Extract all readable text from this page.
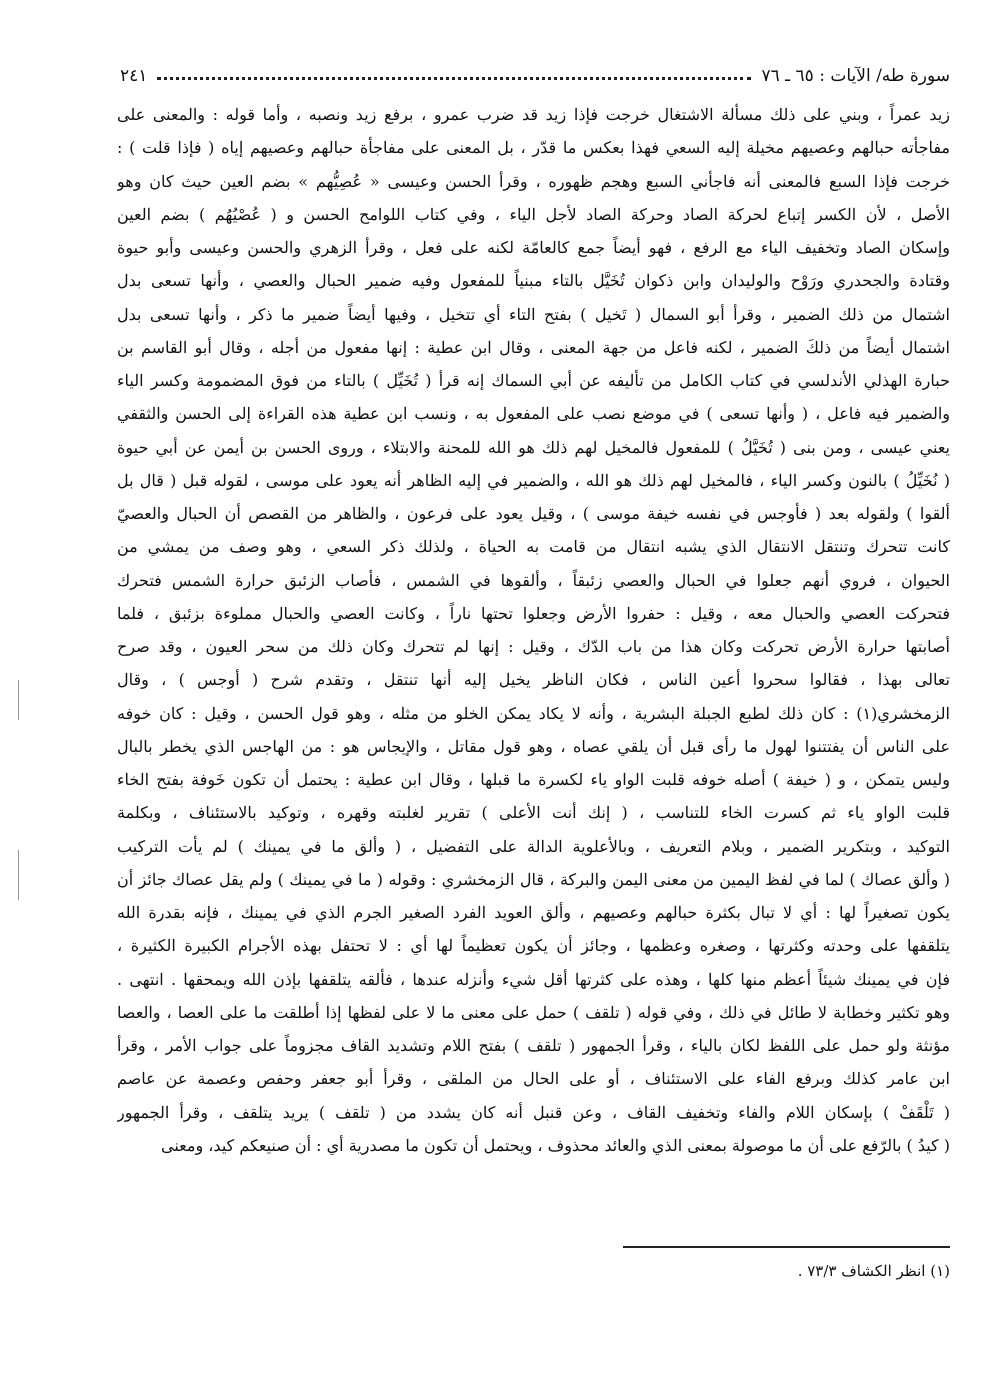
سورة طه/ الآيات : ٦٥ ـ ٧٦
٢٤١
زيد عمراً ، وبني على ذلك مسألة الاشتغال خرجت فإذا زيد قد ضرب عمرو ، برفع زيد ونصبه ، وأما قوله : والمعنى على
مفاجأته حبالهم وعصيهم مخيلة إليه السعي فهذا بعكس ما قدّر ، بل المعنى على مفاجأة حبالهم وعصيهم إياه ( فإذا قلت ) :
خرجت فإذا السبع فالمعنى أنه فاجأني السبع وهجم ظهوره ، وقرأ الحسن وعيسى « عُصِيُّهم » بضم العين حيث كان وهو
الأصل ، لأن الكسر إتباع لحركة الصاد وحركة الصاد لأجل الياء ، وفي كتاب اللوامح الحسن و ( عُصْيُهُم ) بضم العين
وإسكان الصاد وتخفيف الياء مع الرفع ، فهو أيضاً جمع كالعامّة لكنه على فعل ، وقرأ الزهري والحسن وعيسى وأبو حيوة
وقتادة والجحدري ورَوْح والوليدان وابن ذكوان تُخَيَّل بالتاء مبنياً للمفعول وفيه ضمير الحبال والعصي ، وأنها تسعى بدل
اشتمال من ذلك الضمير ، وقرأ أبو السمال ( تَخيل ) بفتح التاء أي تتخيل ، وفيها أيضاً ضمير ما ذكر ، وأنها تسعى بدل
اشتمال أيضاً من ذلكَ الضمير ، لكنه فاعل من جهة المعنى ، وقال ابن عطية : إنها مفعول من أجله ، وقال أبو القاسم بن
حبارة الهذلي الأندلسي في كتاب الكامل من تأليفه عن أبي السماك إنه قرأ ( تُخَيِّل ) بالتاء من فوق المضمومة وكسر الياء
والضمير فيه فاعل ، ( وأنها تسعى ) في موضع نصب على المفعول به ، ونسب ابن عطية هذه القراءة إلى الحسن والثقفي
يعني عيسى ، ومن بنى ( تُخَيَّلُ ) للمفعول فالمخيل لهم ذلك هو الله للمحنة والابتلاء ، وروى الحسن بن أيمن عن أبي حيوة
( نُخَيِّلُ ) بالنون وكسر الياء ، فالمخيل لهم ذلك هو الله ، والضمير في إليه الظاهر أنه يعود على موسى ، لقوله قبل ( قال بل
ألقوا ) ولقوله بعد ( فأوجس في نفسه خيفة موسى ) ، وقيل يعود على فرعون ، والظاهر من القصص أن الحبال والعصيّ
كانت تتحرك وتنتقل الانتقال الذي يشبه انتقال من قامت به الحياة ، ولذلك ذكر السعي ، وهو وصف من يمشي من
الحيوان ، فروي أنهم جعلوا في الحبال والعصي زئبقاً ، وألقوها في الشمس ، فأصاب الزئبق حرارة الشمس فتحرك
فتحركت العصي والحبال معه ، وقيل : حفروا الأرض وجعلوا تحتها ناراً ، وكانت العصي والحبال مملوءة بزئبق ، فلما
أصابتها حرارة الأرض تحركت وكان هذا من باب الدّك ، وقيل : إنها لم تتحرك وكان ذلك من سحر العيون ، وقد صرح
تعالى بهذا ، فقالوا سحروا أعين الناس ، فكان الناظر يخيل إليه أنها تنتقل ، وتقدم شرح ( أوجس ) ، وقال
الزمخشري(١) : كان ذلك لطبع الجبلة البشرية ، وأنه لا يكاد يمكن الخلو من مثله ، وهو قول الحسن ، وقيل : كان خوفه
على الناس أن يفتتنوا لهول ما رأى قبل أن يلقي عصاه ، وهو قول مقاتل ، والإيجاس هو : من الهاجس الذي يخطر بالبال
وليس يتمكن ، و ( خيفة ) أصله خوفه قلبت الواو ياء لكسرة ما قبلها ، وقال ابن عطية : يحتمل أن تكون خَوفة بفتح الخاء
قلبت الواو ياء ثم كسرت الخاء للتناسب ، ( إنك أنت الأعلى ) تقرير لغلبته وقهره ، وتوكيد بالاستئناف ، وبكلمة
التوكيد ، وبتكرير الضمير ، وبلام التعريف ، وبالأعلوية الدالة على التفضيل ، ( وألق ما في يمينك ) لم يأت التركيب
( وألق عصاك ) لما في لفظ اليمين من معنى اليمن والبركة ، قال الزمخشري : وقوله ( ما في يمينك ) ولم يقل عصاك جائز أن
يكون تصغيراً لها : أي لا تبال بكثرة حبالهم وعصيهم ، وألق العويد الفرد الصغير الجرم الذي في يمينك ، فإنه بقدرة الله
يتلقفها على وحدته وكثرتها ، وصغره وعظمها ، وجائز أن يكون تعظيماً لها أي : لا تحتفل بهذه الأجرام الكبيرة الكثيرة ،
فإن في يمينك شيئاً أعظم منها كلها ، وهذه على كثرتها أقل شيء وأنزله عندها ، فألقه يتلقفها بإذن الله ويمحقها . انتهى .
وهو تكثير وخطابة لا طائل في ذلك ، وفي قوله ( تلقف ) حمل على معنى ما لا على لفظها إذا أطلقت ما على العصا ، والعصا
مؤنثة ولو حمل على اللفظ لكان بالياء ، وقرأ الجمهور ( تلقف ) بفتح اللام وتشديد القاف مجزوماً على جواب الأمر ، وقرأ
ابن عامر كذلك وبرفع الفاء على الاستئناف ، أو على الحال من الملقى ، وقرأ أبو جعفر وحفص وعصمة عن عاصم
( تَلْقَفْ ) بإسكان اللام والفاء وتخفيف القاف ، وعن قنبل أنه كان يشدد من ( تلقف ) يريد يتلقف ، وقرأ الجمهور
( كيدُ ) بالرّفع على أن ما موصولة بمعنى الذي والعائد محذوف ، ويحتمل أن تكون ما مصدرية أي : أن صنيعكم كيد، ومعنى
(١) انظر الكشاف ٧٣/٣ .
